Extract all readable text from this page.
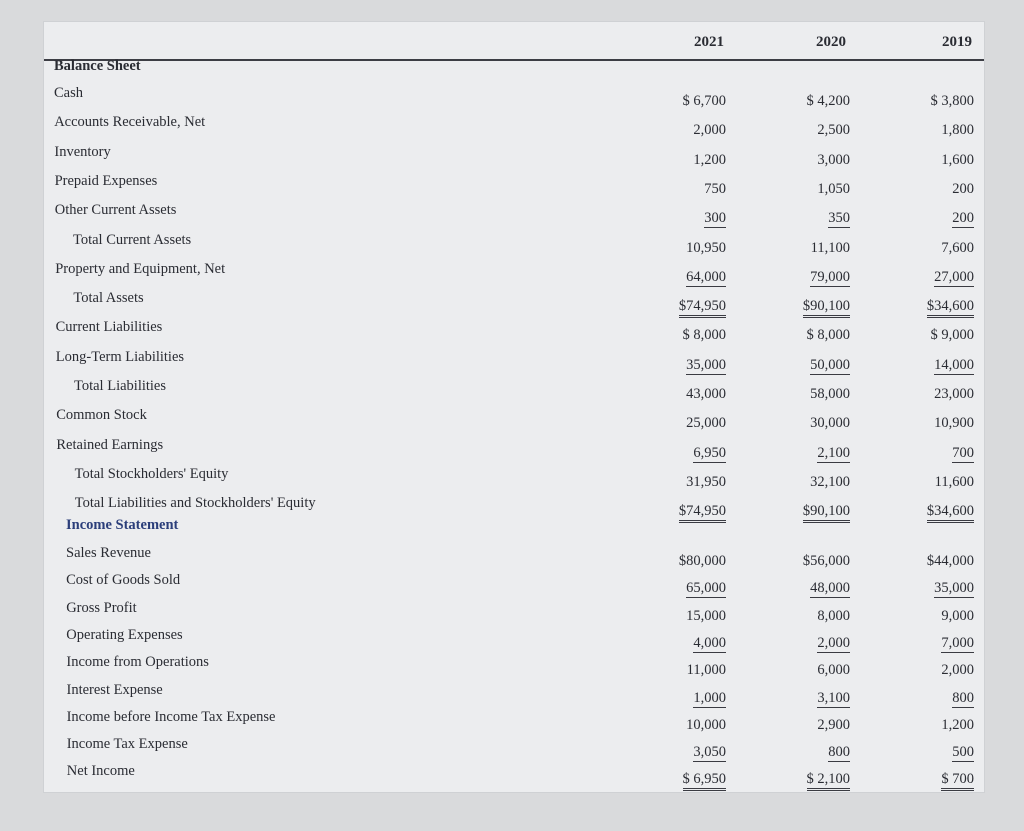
2021	2020	2019
Balance Sheet
Income Statement
Cash	$ 6,700	$ 4,200	$ 3,800
Accounts Receivable, Net	2,000	2,500	1,800
Inventory	1,200	3,000	1,600
Prepaid Expenses	750	1,050	200
Other Current Assets	300	350	200
Total Current Assets	10,950	11,100	7,600
Property and Equipment, Net	64,000	79,000	27,000
Total Assets	$74,950	$90,100	$34,600
Current Liabilities	$ 8,000	$ 8,000	$ 9,000
Long-Term Liabilities	35,000	50,000	14,000
Total Liabilities	43,000	58,000	23,000
Common Stock	25,000	30,000	10,900
Retained Earnings	6,950	2,100	700
Total Stockholders' Equity	31,950	32,100	11,600
Total Liabilities and Stockholders' Equity	$74,950	$90,100	$34,600
Sales Revenue	$80,000	$56,000	$44,000
Cost of Goods Sold	65,000	48,000	35,000
Gross Profit	15,000	8,000	9,000
Operating Expenses	4,000	2,000	7,000
Income from Operations	11,000	6,000	2,000
Interest Expense	1,000	3,100	800
Income before Income Tax Expense	10,000	2,900	1,200
Income Tax Expense	3,050	800	500
Net Income	$ 6,950	$ 2,100	$ 700
